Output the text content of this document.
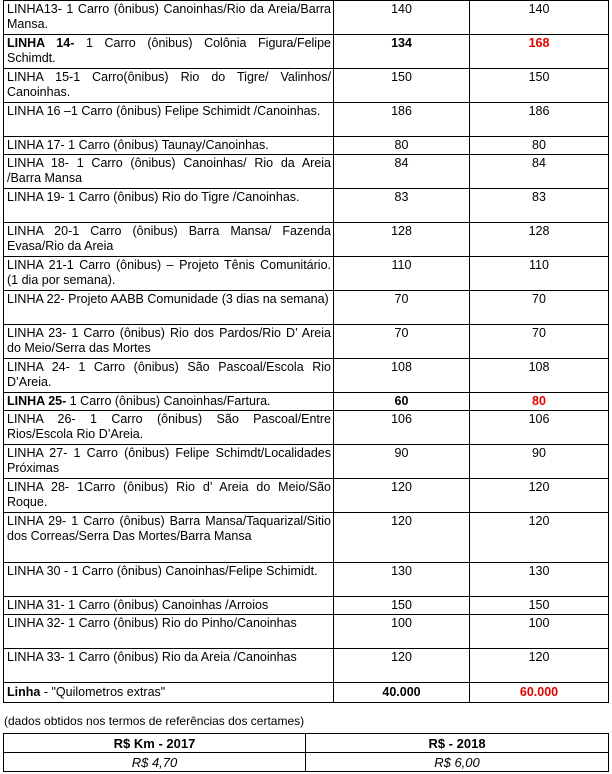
LINHA13- 1 Carro (ônibus) Canoinhas/Rio da Areia/Barra Mansa.	140	140
LINHA 14- 1 Carro (ônibus) Colônia Figura/Felipe Schimdt.	134	168
LINHA 15-1 Carro(ônibus) Rio do Tigre/ Valinhos/ Canoinhas.	150	150
LINHA 16 –1 Carro (ônibus) Felipe Schimidt /Canoinhas.	186	186
LINHA 17- 1 Carro (ônibus) Taunay/Canoinhas.	80	80
LINHA 18- 1 Carro (ônibus) Canoinhas/ Rio da Areia /Barra Mansa	84	84
LINHA 19- 1 Carro (ônibus) Rio do Tigre /Canoinhas.	83	83
LINHA 20-1 Carro (ônibus) Barra Mansa/ Fazenda Evasa/Rio da Areia	128	128
LINHA 21-1 Carro (ônibus) – Projeto Tênis Comunitário. (1 dia por semana).	110	110
LINHA 22- Projeto AABB Comunidade (3 dias na semana)	70	70
LINHA 23- 1 Carro (ônibus) Rio dos Pardos/Rio D’ Areia do Meio/Serra das Mortes	70	70
LINHA 24- 1 Carro (ônibus) São Pascoal/Escola Rio D’Areia.	108	108
LINHA 25- 1 Carro (ônibus) Canoinhas/Fartura.	60	80
LINHA 26- 1 Carro (ônibus) São Pascoal/Entre Rios/Escola Rio D’Areia.	106	106
LINHA 27- 1 Carro (ônibus) Felipe Schimdt/Localidades Próximas	90	90
LINHA 28- 1Carro (ônibus) Rio d’ Areia do Meio/São Roque.	120	120
LINHA 29- 1 Carro (ônibus) Barra Mansa/Taquarizal/Sitio dos Correas/Serra Das Mortes/Barra Mansa	120	120
LINHA 30 - 1 Carro (ônibus) Canoinhas/Felipe Schimidt.	130	130
LINHA 31- 1 Carro (ônibus) Canoinhas /Arroios	150	150
LINHA 32- 1 Carro (ônibus) Rio do Pinho/Canoinhas	100	100
LINHA 33- 1 Carro (ônibus) Rio da Areia /Canoinhas	120	120
Linha - "Quilometros extras"	40.000	60.000
(dados obtidos nos termos de referências dos certames)
R$ Km - 2017	R$ - 2018
R$ 4,70	R$ 6,00
